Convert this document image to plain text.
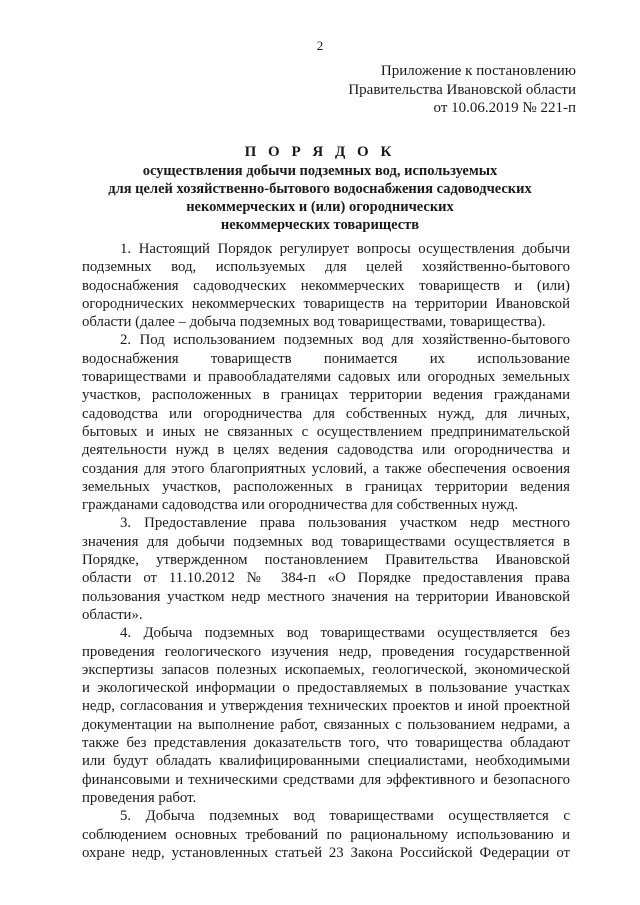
2
Приложение к постановлению
Правительства Ивановской области
от 10.06.2019 № 221-п
П О Р Я Д О К
осуществления добычи подземных вод, используемых
для целей хозяйственно-бытового водоснабжения садоводческих
некоммерческих и (или) огороднических
некоммерческих товариществ
1. Настоящий Порядок регулирует вопросы осуществления добычи
подземных вод, используемых для целей хозяйственно-бытового
водоснабжения садоводческих некоммерческих товариществ и (или)
огороднических некоммерческих товариществ на территории Ивановской
области (далее – добыча подземных вод товариществами, товарищества).
2. Под использованием подземных вод для хозяйственно-бытового
водоснабжения товариществ понимается их использование
товариществами и правообладателями садовых или огородных земельных
участков, расположенных в границах территории ведения гражданами
садоводства или огородничества для собственных нужд, для личных,
бытовых и иных не связанных с осуществлением предпринимательской
деятельности нужд в целях ведения садоводства или огородничества и
создания для этого благоприятных условий, а также обеспечения освоения
земельных участков, расположенных в границах территории ведения
гражданами садоводства или огородничества для собственных нужд.
3. Предоставление права пользования участком недр местного
значения для добычи подземных вод товариществами осуществляется в
Порядке, утвержденном постановлением Правительства Ивановской
области от 11.10.2012 № 384-п «О Порядке предоставления права
пользования участком недр местного значения на территории Ивановской
области».
4. Добыча подземных вод товариществами осуществляется без
проведения геологического изучения недр, проведения государственной
экспертизы запасов полезных ископаемых, геологической, экономической
и экологической информации о предоставляемых в пользование участках
недр, согласования и утверждения технических проектов и иной проектной
документации на выполнение работ, связанных с пользованием недрами, а
также без представления доказательств того, что товарищества обладают
или будут обладать квалифицированными специалистами, необходимыми
финансовыми и техническими средствами для эффективного и безопасного
проведения работ.
5. Добыча подземных вод товариществами осуществляется с
соблюдением основных требований по рациональному использованию и
охране недр, установленных статьей 23 Закона Российской Федерации от
